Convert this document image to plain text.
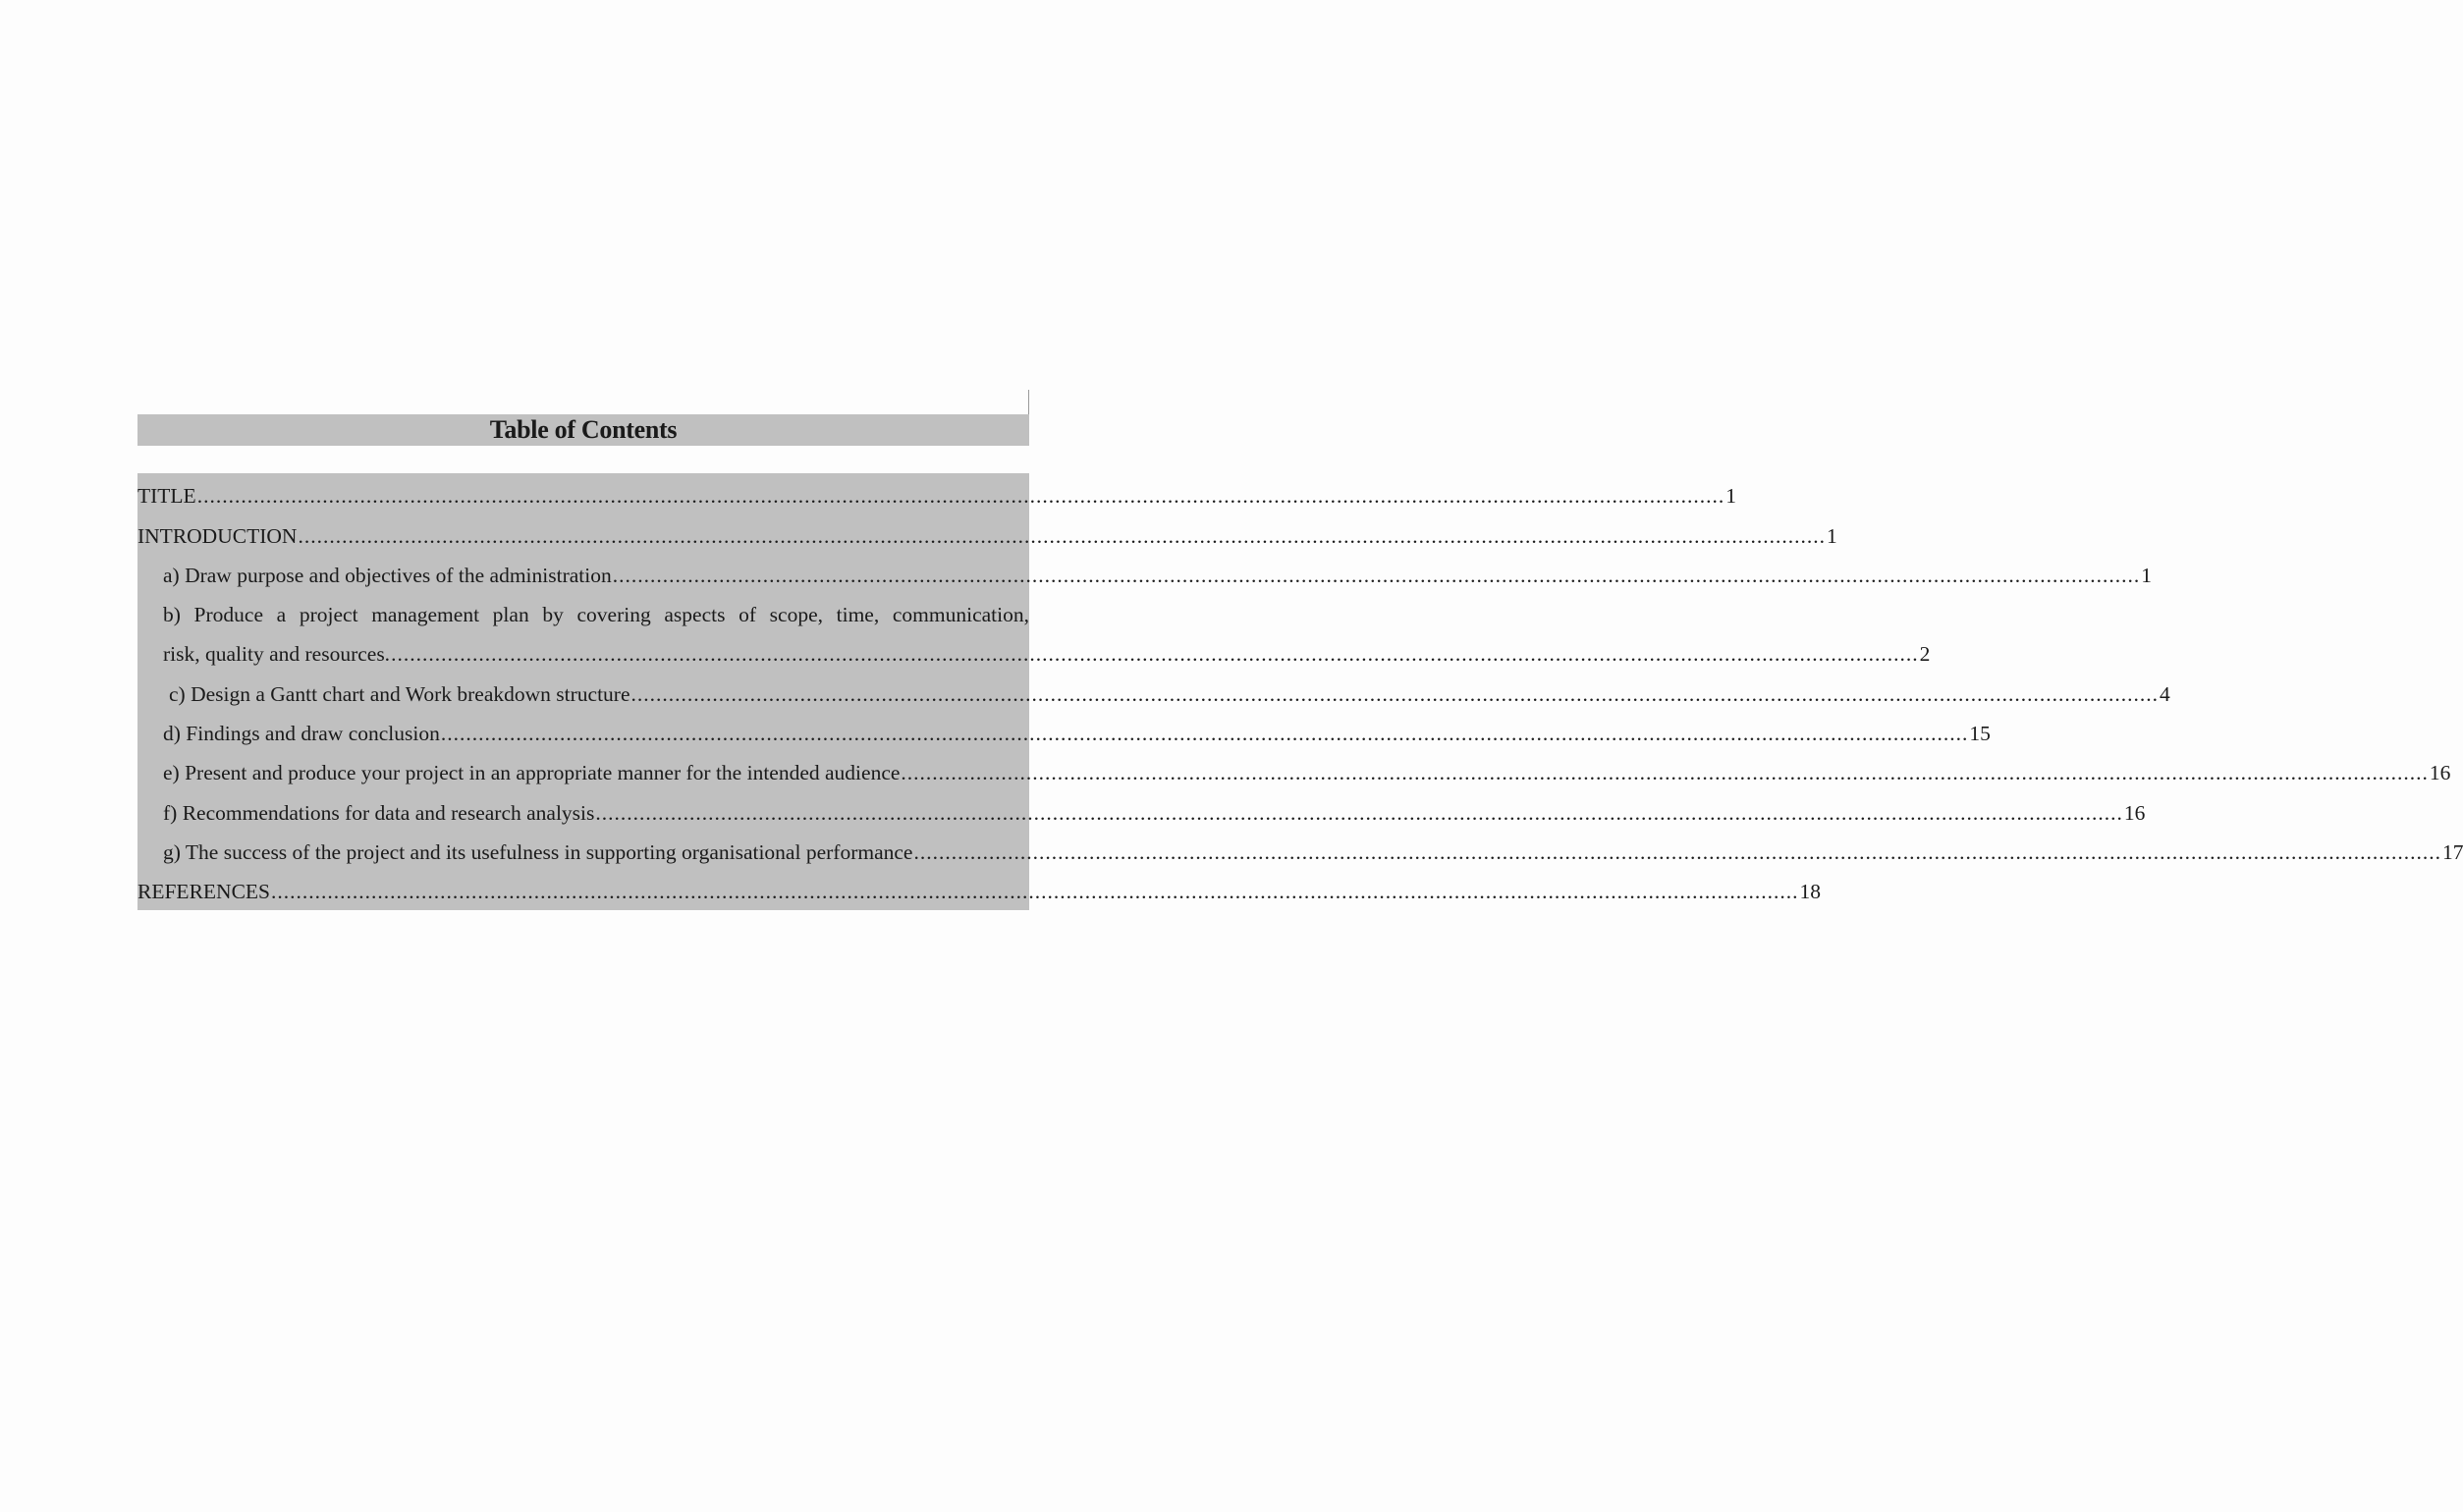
Table of Contents
TITLE .................................................................................................................................................................................................................................................... 1
INTRODUCTION .................................................................................................................................................................................................................................................... 1
a) Draw purpose and objectives of the administration .................................................................................................................................................................................................................................................... 1
b) Produce a project management plan by covering aspects of scope, time, communication,
risk, quality and resources. .................................................................................................................................................................................................................................................... 2
c) Design a Gantt chart and Work breakdown structure .................................................................................................................................................................................................................................................... 4
d) Findings and draw conclusion .................................................................................................................................................................................................................................................... 15
e) Present and produce your project in an appropriate manner for the intended audience .................................................................................................................................................................................................................................................... 16
f) Recommendations for data and research analysis .................................................................................................................................................................................................................................................... 16
g) The success of the project and its usefulness in supporting organisational performance .................................................................................................................................................................................................................................................... 17
REFERENCES .................................................................................................................................................................................................................................................... 18
